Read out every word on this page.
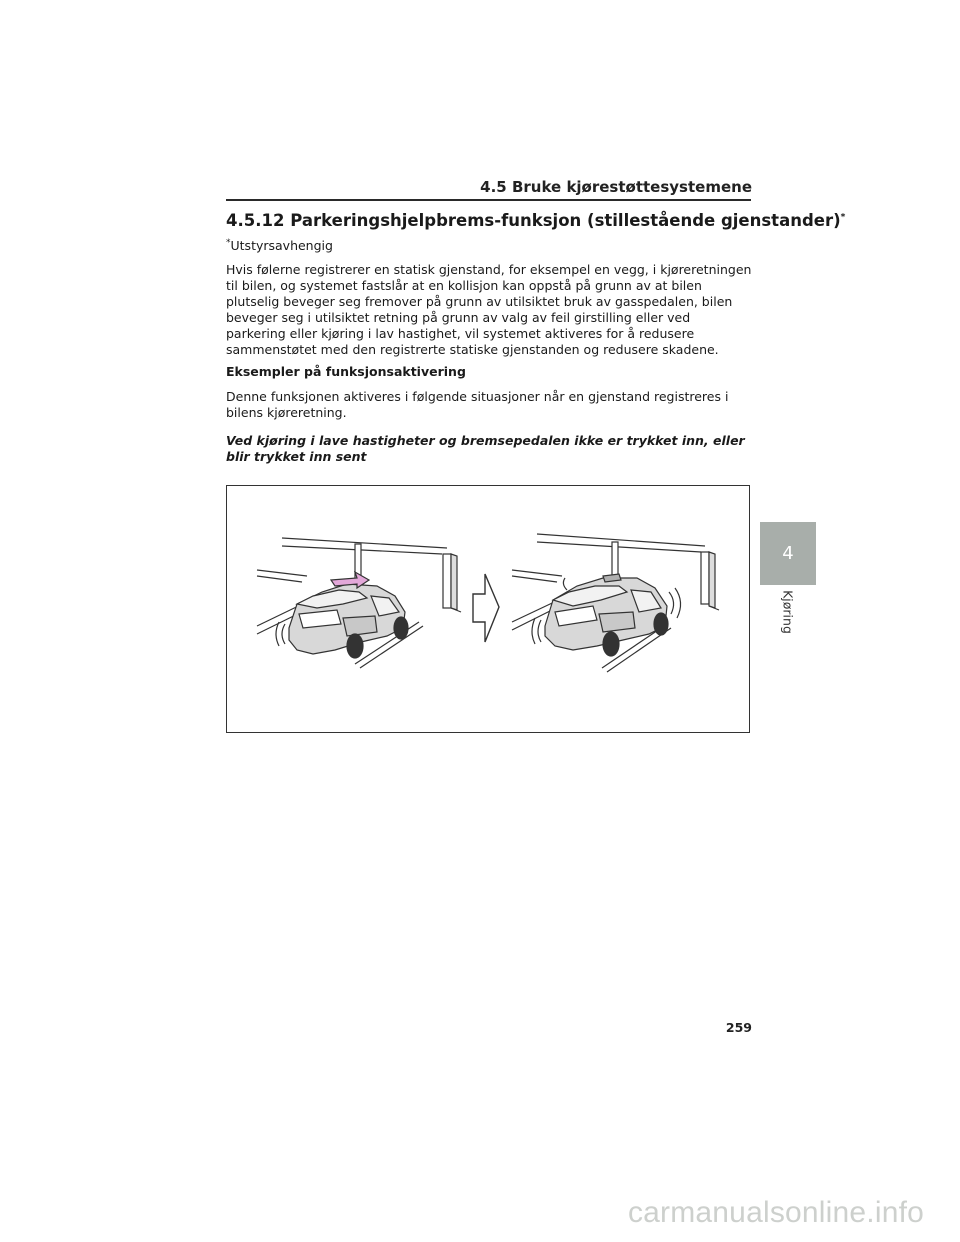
4.5 Bruke kjørestøttesystemene
4.5.12 Parkeringshjelpbrems-funksjon (stillestående gjenstander)*
*Utstyrsavhengig
Hvis følerne registrerer en statisk gjenstand, for eksempel en vegg, i kjøreretningen til bilen, og systemet fastslår at en kollisjon kan oppstå på grunn av at bilen plutselig beveger seg fremover på grunn av utilsiktet bruk av gasspedalen, bilen beveger seg i utilsiktet retning på grunn av valg av feil girstilling eller ved parkering eller kjøring i lav hastighet, vil systemet aktiveres for å redusere sammenstøtet med den registrerte statiske gjenstanden og redusere skadene.
Eksempler på funksjonsaktivering
Denne funksjonen aktiveres i følgende situasjoner når en gjenstand registreres i bilens kjøreretning.
Ved kjøring i lave hastigheter og bremsepedalen ikke er trykket inn, eller blir trykket inn sent
4
Kjøring
259
carmanualsonline.info
